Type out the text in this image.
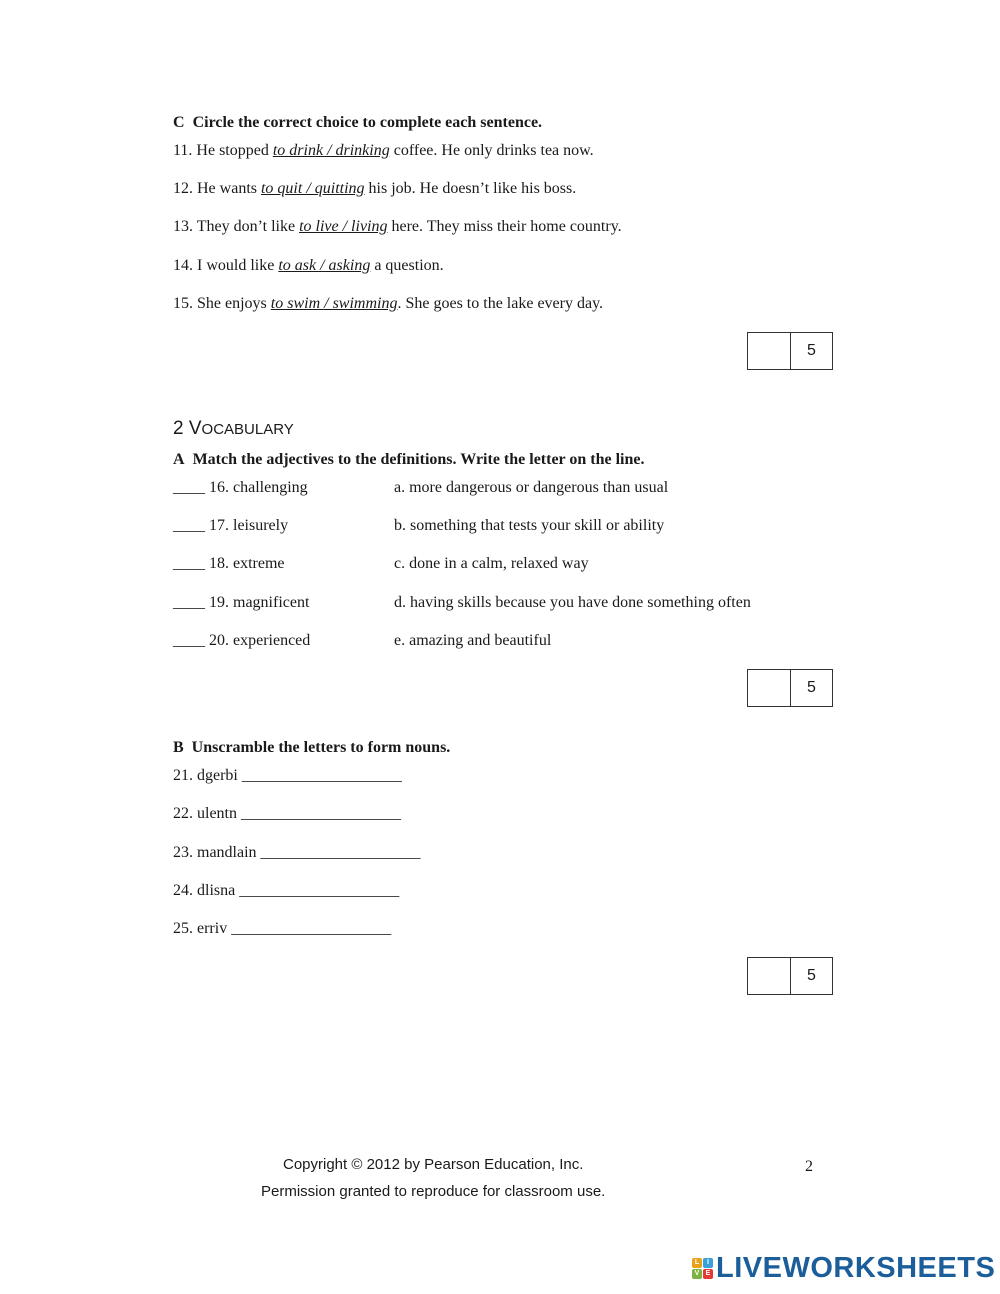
C Circle the correct choice to complete each sentence.
11. He stopped to drink / drinking coffee. He only drinks tea now.
12. He wants to quit / quitting his job. He doesn’t like his boss.
13. They don’t like to live / living here. They miss their home country.
14. I would like to ask / asking a question.
15. She enjoys to swim / swimming. She goes to the lake every day.
5
2 VOCABULARY
A Match the adjectives to the definitions. Write the letter on the line.
____ 16. challenging	a. more dangerous or dangerous than usual
____ 17. leisurely	b. something that tests your skill or ability
____ 18. extreme	c. done in a calm, relaxed way
____ 19. magnificent	d. having skills because you have done something often
____ 20. experienced	e. amazing and beautiful
5
B Unscramble the letters to form nouns.
21. dgerbi ____________________
22. ulentn ____________________
23. mandlain ____________________
24. dlisna ____________________
25. erriv ____________________
5
Copyright © 2012 by Pearson Education, Inc.
Permission granted to reproduce for classroom use.
2
L	I
V E LIVEWORKSHEETS
